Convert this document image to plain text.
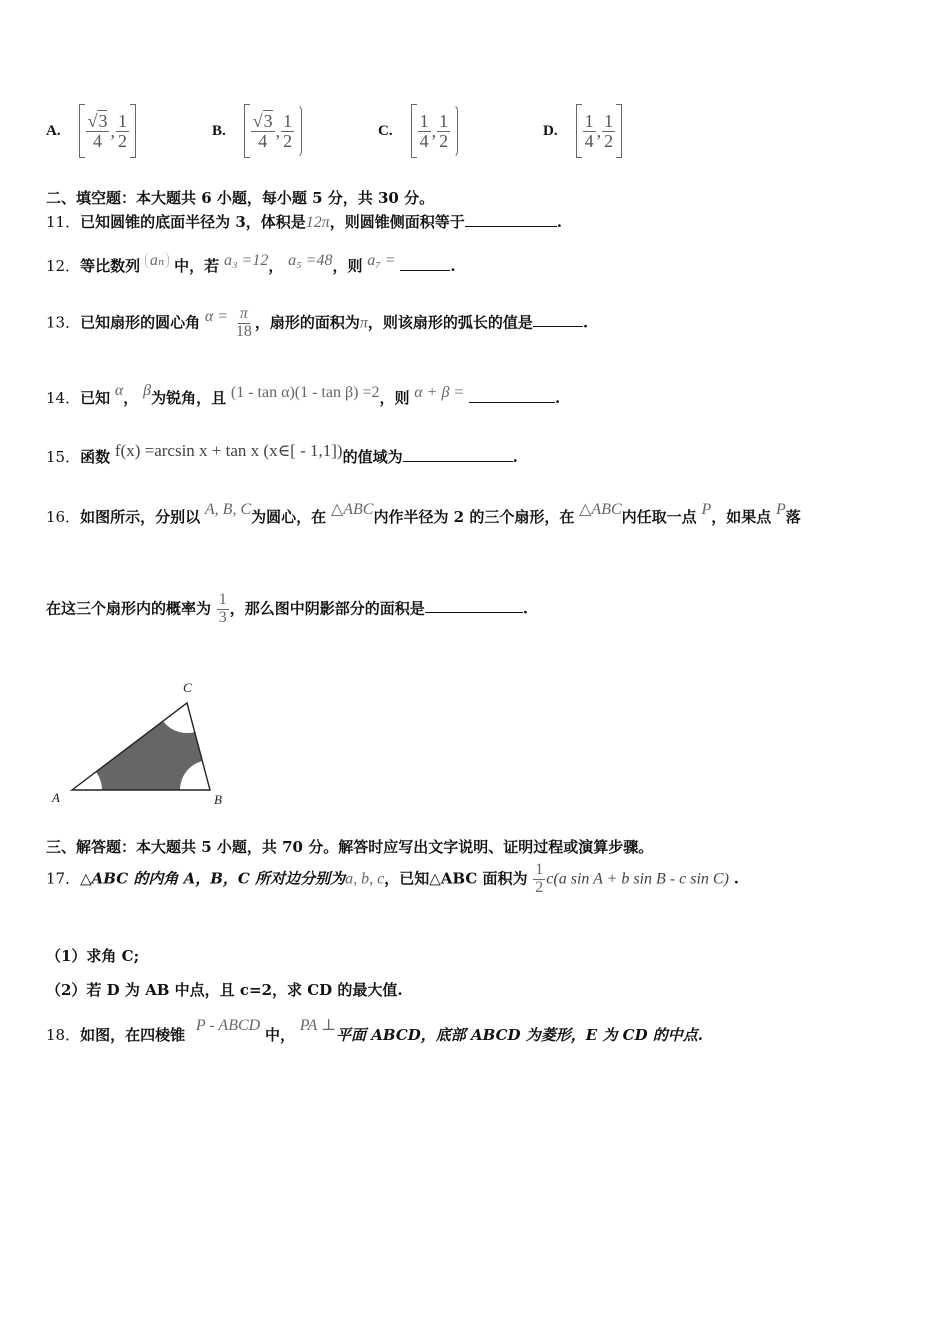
A. $\frac{√3}{4}$ , $\frac{1}{2}$	B. $\frac{√3}{4}$ , $\frac{1}{2}$	C. $\frac{1}{4}$ , $\frac{1}{2}$	D. $\frac{1}{4}$ , $\frac{1}{2}$
二、填空题：本大题共 6 小题，每小题 5 分，共 30 分。
11．已知圆锥的底面半径为 3，体积是12π，则圆锥侧面积等于	.
12．等比数列 aₙ 中，若 a₃ =12， a₅ =48，则 a₇ =	.
13．已知扇形的圆心角 $\alpha = \frac{\pi}{18}$ ，扇形的面积为π，则该扇形的弧长的值是	.
14．已知 α， β为锐角，且 (1 - tan α)(1 - tan β) =2，则 α + β =	.
15．函数 f(x) =arcsin x + tan x (x∈[ - 1,1])的值域为	.
16．如图所示，分别以 A, B, C为圆心，在 △ABC内作半径为 2 的三个扇形，在 △ABC内任取一点 P，如果点 P落
在这三个扇形内的概率为 $\frac{1}{3}$ ，那么图中阴影部分的面积是	.
A	B
C
三、解答题：本大题共 5 小题，共 70 分。解答时应写出文字说明、证明过程或演算步骤。
17．△ABC 的内角 A，B，C 所对边分别为a, b, c，已知△ABC 面积为 $\frac{1}{2} c(a$ sin A + b sin B - c sin C) .
（1）求角 C;
（2）若 D 为 AB 中点，且 c=2，求 CD 的最大值.
18．如图，在四棱锥 P - ABCD 中， PA ⊥平面 ABCD，底部 ABCD 为菱形，E 为 CD 的中点.
